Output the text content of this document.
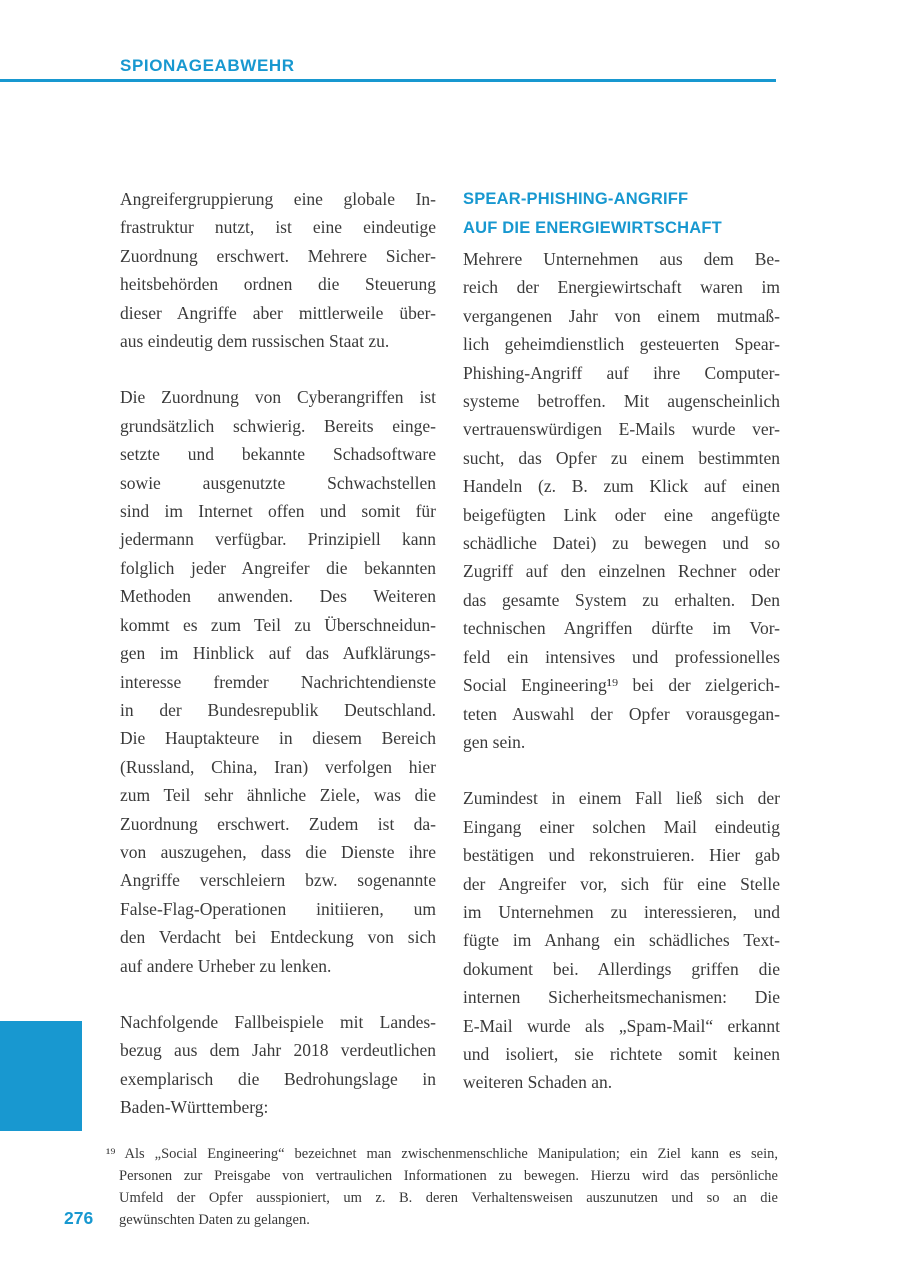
SPIONAGEABWEHR
Angreifergruppierung eine globale In-
frastruktur nutzt, ist eine eindeutige
Zuordnung erschwert. Mehrere Sicher-
heitsbehörden ordnen die Steuerung
dieser Angriffe aber mittlerweile über-
aus eindeutig dem russischen Staat zu.
Die Zuordnung von Cyberangriffen ist
grundsätzlich schwierig. Bereits einge-
setzte und bekannte Schadsoftware
sowie ausgenutzte Schwachstellen
sind im Internet offen und somit für
jedermann verfügbar. Prinzipiell kann
folglich jeder Angreifer die bekannten
Methoden anwenden. Des Weiteren
kommt es zum Teil zu Überschneidun-
gen im Hinblick auf das Aufklärungs-
interesse fremder Nachrichtendienste
in der Bundesrepublik Deutschland.
Die Hauptakteure in diesem Bereich
(Russland, China, Iran) verfolgen hier
zum Teil sehr ähnliche Ziele, was die
Zuordnung erschwert. Zudem ist da-
von auszugehen, dass die Dienste ihre
Angriffe verschleiern bzw. sogenannte
False-Flag-Operationen initiieren, um
den Verdacht bei Entdeckung von sich
auf andere Urheber zu lenken.
Nachfolgende Fallbeispiele mit Landes-
bezug aus dem Jahr 2018 verdeutlichen
exemplarisch die Bedrohungslage in
Baden-Württemberg:
SPEAR-PHISHING-ANGRIFF
AUF DIE ENERGIEWIRTSCHAFT
Mehrere Unternehmen aus dem Be-
reich der Energiewirtschaft waren im
vergangenen Jahr von einem mutmaß-
lich geheimdienstlich gesteuerten Spear-
Phishing-Angriff auf ihre Computer-
systeme betroffen. Mit augenscheinlich
vertrauenswürdigen E-Mails wurde ver-
sucht, das Opfer zu einem bestimmten
Handeln (z. B. zum Klick auf einen
beigefügten Link oder eine angefügte
schädliche Datei) zu bewegen und so
Zugriff auf den einzelnen Rechner oder
das gesamte System zu erhalten. Den
technischen Angriffen dürfte im Vor-
feld ein intensives und professionelles
Social Engineering¹⁹ bei der zielgerich-
teten Auswahl der Opfer vorausgegan-
gen sein.
Zumindest in einem Fall ließ sich der
Eingang einer solchen Mail eindeutig
bestätigen und rekonstruieren. Hier gab
der Angreifer vor, sich für eine Stelle
im Unternehmen zu interessieren, und
fügte im Anhang ein schädliches Text-
dokument bei. Allerdings griffen die
internen Sicherheitsmechanismen: Die
E-Mail wurde als „Spam-Mail“ erkannt
und isoliert, sie richtete somit keinen
weiteren Schaden an.
¹⁹ Als „Social Engineering“ bezeichnet man zwischenmenschliche Manipulation; ein Ziel kann es sein,
Personen zur Preisgabe von vertraulichen Informationen zu bewegen. Hierzu wird das persönliche
Umfeld der Opfer ausspioniert, um z. B. deren Verhaltensweisen auszunutzen und so an die
gewünschten Daten zu gelangen.
276
